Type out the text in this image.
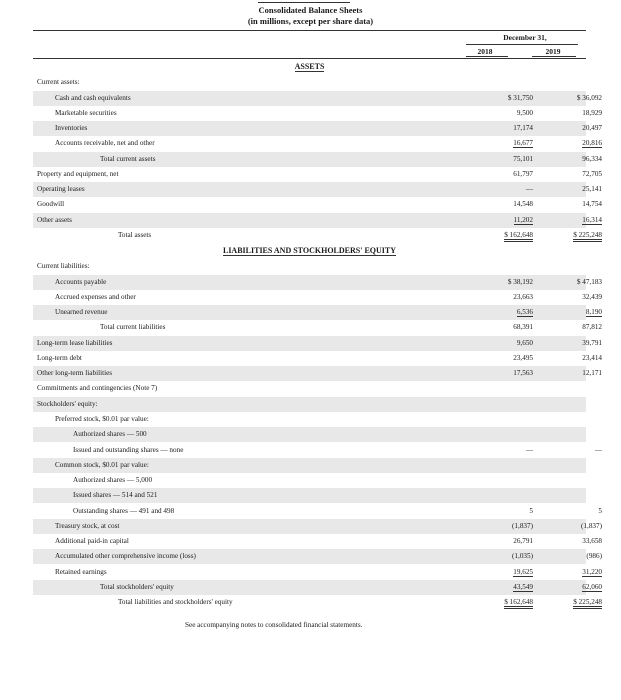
Consolidated Balance Sheets
(in millions, except per share data)
December 31,
2018	2019
ASSETS
Current assets:
Cash and cash equivalents	$ 31,750	$ 36,092
Marketable securities	9,500	18,929
Inventories	17,174	20,497
Accounts receivable, net and other	16,677	20,816
Total current assets	75,101	96,334
Property and equipment, net	61,797	72,705
Operating leases	—	25,141
Goodwill	14,548	14,754
Other assets	11,202	16,314
Total assets	$ 162,648	$ 225,248
Current liabilities:
Accounts payable	$ 38,192	$ 47,183
Accrued expenses and other	23,663	32,439
Unearned revenue	6,536	8,190
Total current liabilities	68,391	87,812
Long-term lease liabilities	9,650	39,791
Long-term debt	23,495	23,414
Other long-term liabilities	17,563	12,171
Commitments and contingencies (Note 7)
Stockholders' equity:
Preferred stock, $0.01 par value:
Authorized shares — 500
Issued and outstanding shares — none	—	—
Common stock, $0.01 par value:
Authorized shares — 5,000
Issued shares — 514 and 521
Outstanding shares — 491 and 498	5	5
Treasury stock, at cost	(1,837)	(1,837)
Additional paid-in capital	26,791	33,658
Accumulated other comprehensive income (loss)	(1,035)	(986)
Retained earnings	19,625	31,220
Total stockholders' equity	43,549	62,060
Total liabilities and stockholders' equity	$ 162,648	$ 225,248
LIABILITIES AND STOCKHOLDERS' EQUITY
See accompanying notes to consolidated financial statements.
